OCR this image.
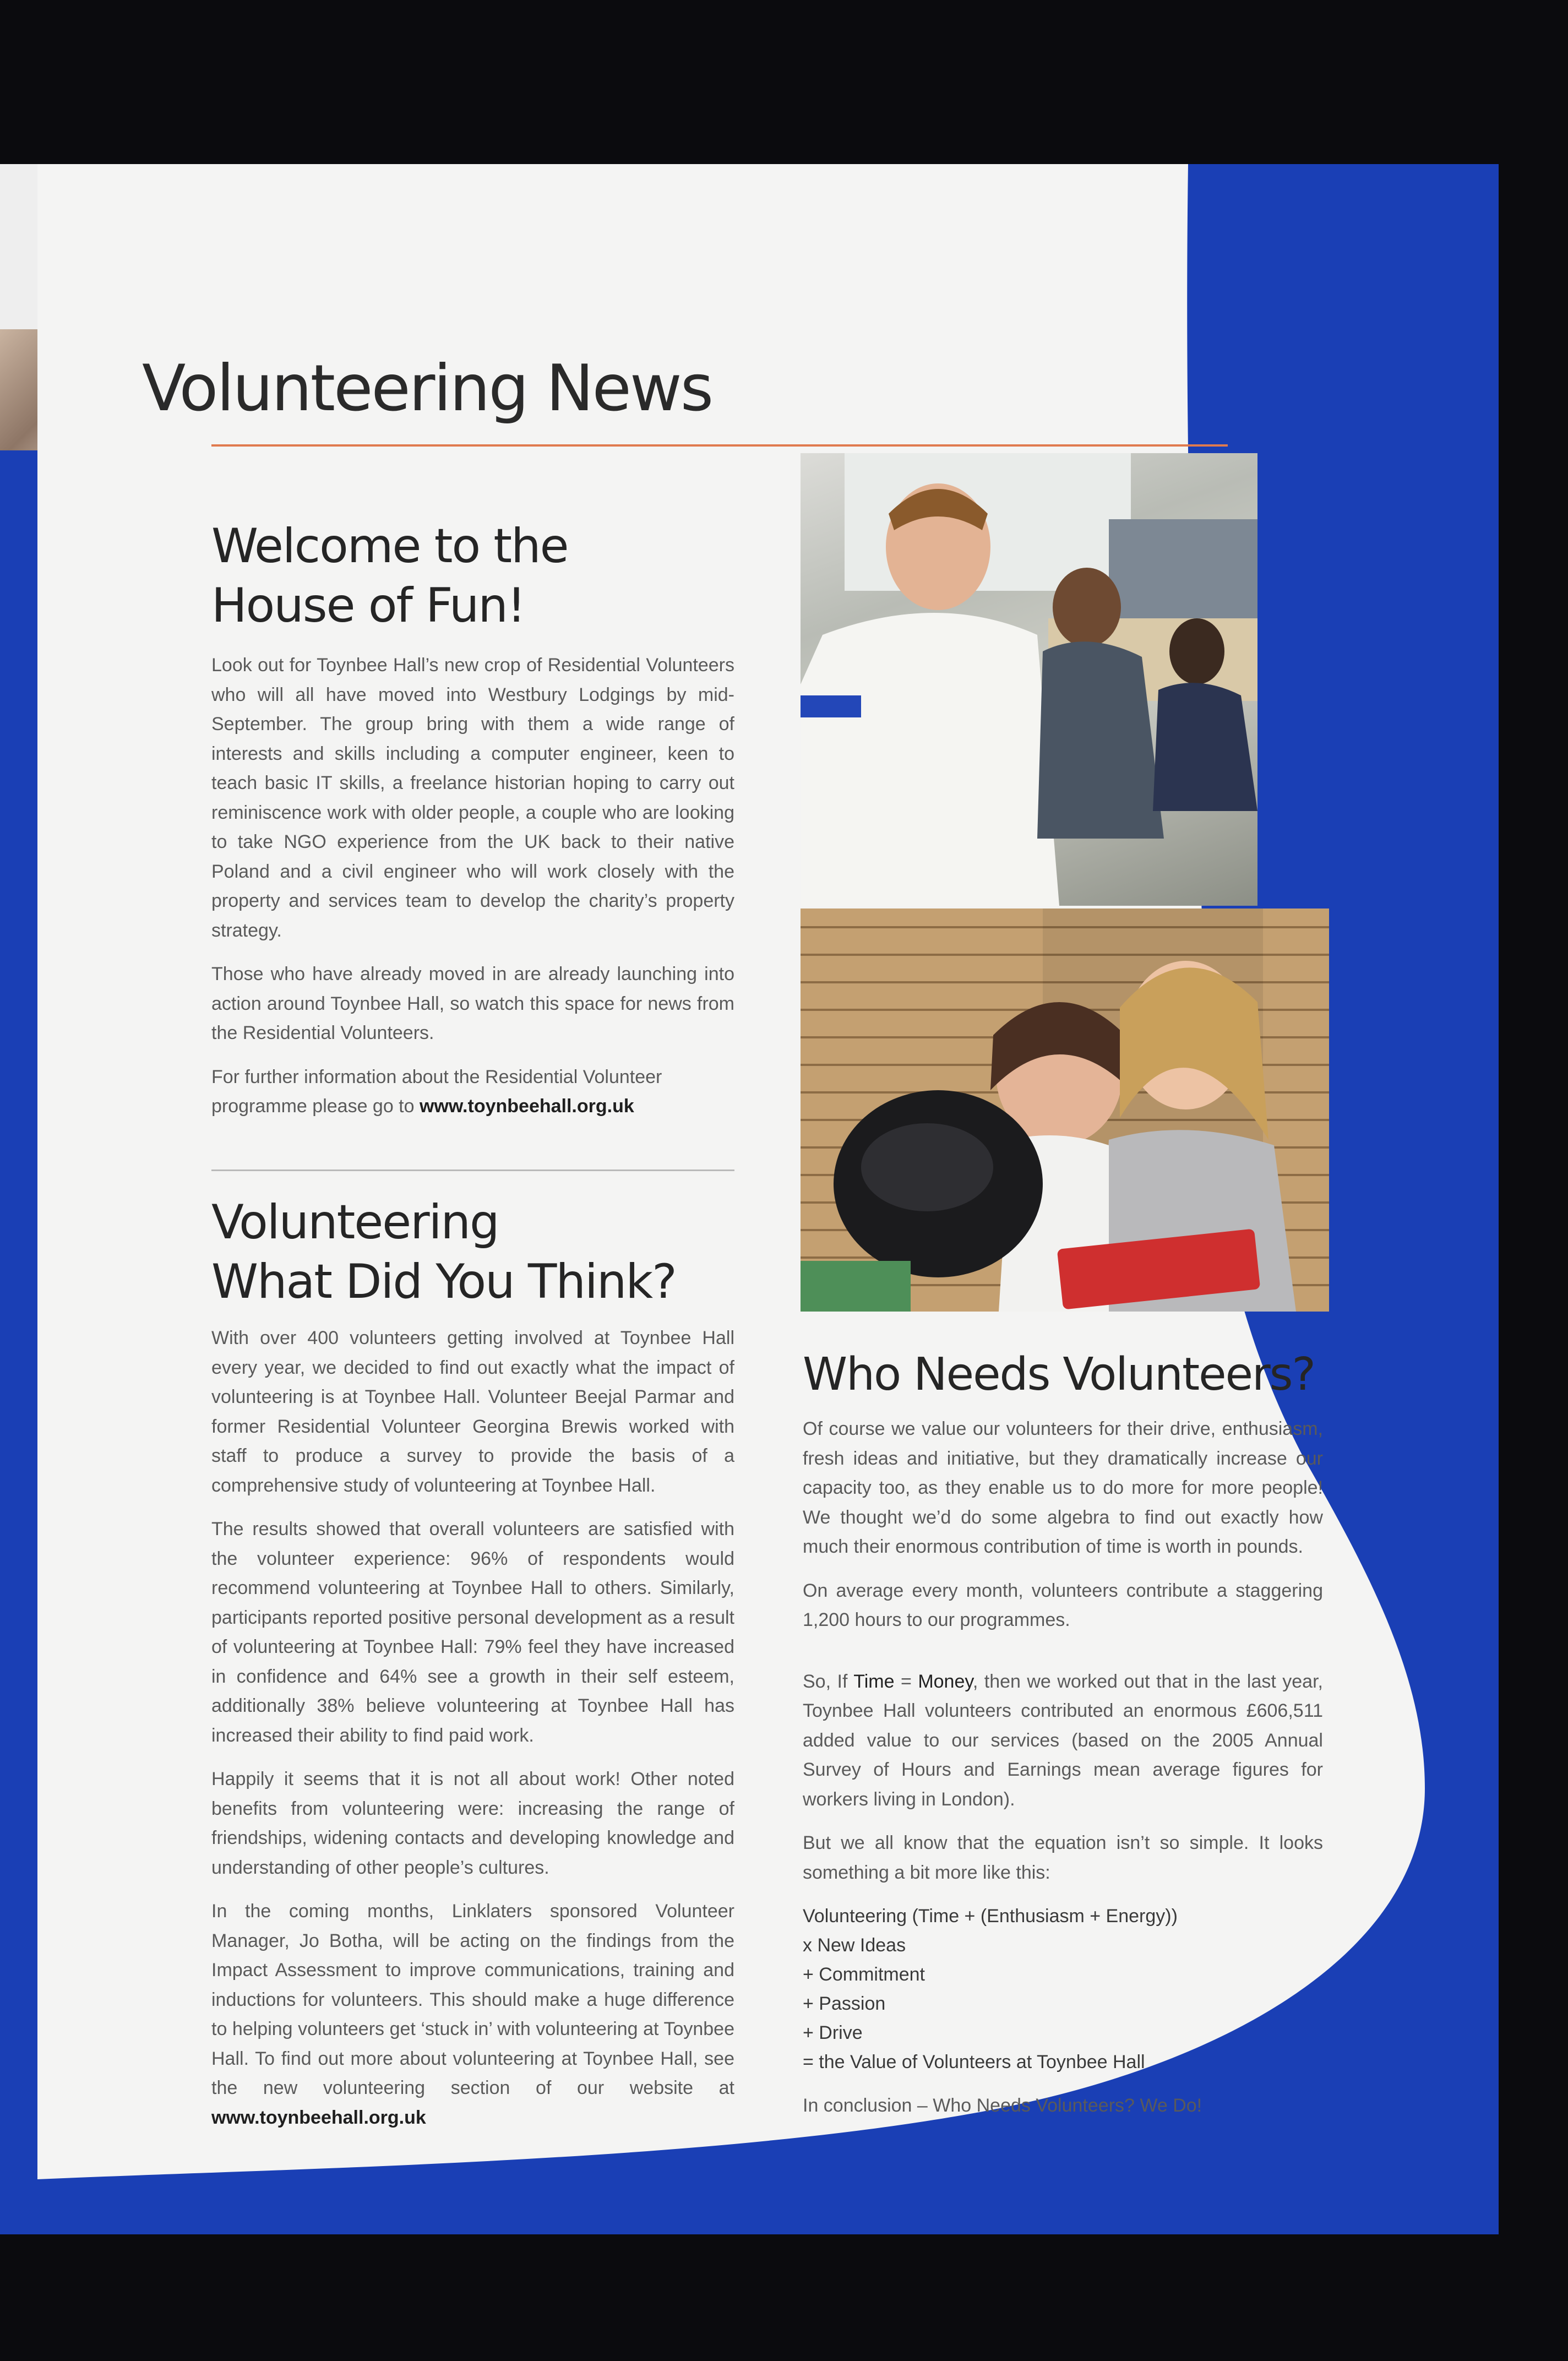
Volunteering News
Welcome to the
House of Fun!

Look out for Toynbee Hall’s new crop of Residential Volunteers who will all have moved into Westbury Lodgings by mid-September. The group bring with them a wide range of interests and skills including a computer engineer, keen to teach basic IT skills, a freelance historian hoping to carry out reminiscence work with older people, a couple who are looking to take NGO experience from the UK back to their native Poland and a civil engineer who will work closely with the property and services team to develop the charity’s property strategy.

Those who have already moved in are already launching into action around Toynbee Hall, so watch this space for news from the Residential Volunteers.

For further information about the Residential Volunteer programme please go to www.toynbeehall.org.uk

Volunteering
What Did You Think?

With over 400 volunteers getting involved at Toynbee Hall every year, we decided to find out exactly what the impact of volunteering is at Toynbee Hall. Volunteer Beejal Parmar and former Residential Volunteer Georgina Brewis worked with staff to produce a survey to provide the basis of a comprehensive study of volunteering at Toynbee Hall.

The results showed that overall volunteers are satisfied with the volunteer experience: 96% of respondents would recommend volunteering at Toynbee Hall to others. Similarly, participants reported positive personal development as a result of volunteering at Toynbee Hall: 79% feel they have increased in confidence and 64% see a growth in their self esteem, additionally 38% believe volunteering at Toynbee Hall has increased their ability to find paid work.

Happily it seems that it is not all about work! Other noted benefits from volunteering were: increasing the range of friendships, widening contacts and developing knowledge and understanding of other people’s cultures.

In the coming months, Linklaters sponsored Volunteer Manager, Jo Botha, will be acting on the findings from the Impact Assessment to improve communications, training and inductions for volunteers. This should make a huge difference to helping volunteers get ‘stuck in’ with volunteering at Toynbee Hall. To find out more about volunteering at Toynbee Hall, see the new volunteering section of our website at www.toynbeehall.org.uk

Who Needs Volunteers?

Of course we value our volunteers for their drive, enthusiasm, fresh ideas and initiative, but they dramatically increase our capacity too, as they enable us to do more for more people! We thought we’d do some algebra to find out exactly how much their enormous contribution of time is worth in pounds.

On average every month, volunteers contribute a staggering 1,200 hours to our programmes.

So, If Time = Money, then we worked out that in the last year, Toynbee Hall volunteers contributed an enormous £606,511 added value to our services (based on the 2005 Annual Survey of Hours and Earnings mean average figures for workers living in London).

But we all know that the equation isn’t so simple. It looks something a bit more like this:

Volunteering (Time + (Enthusiasm + Energy))

x New Ideas

+ Commitment

+ Passion

+ Drive

= the Value of Volunteers at Toynbee Hall

In conclusion – Who Needs Volunteers? We Do!
